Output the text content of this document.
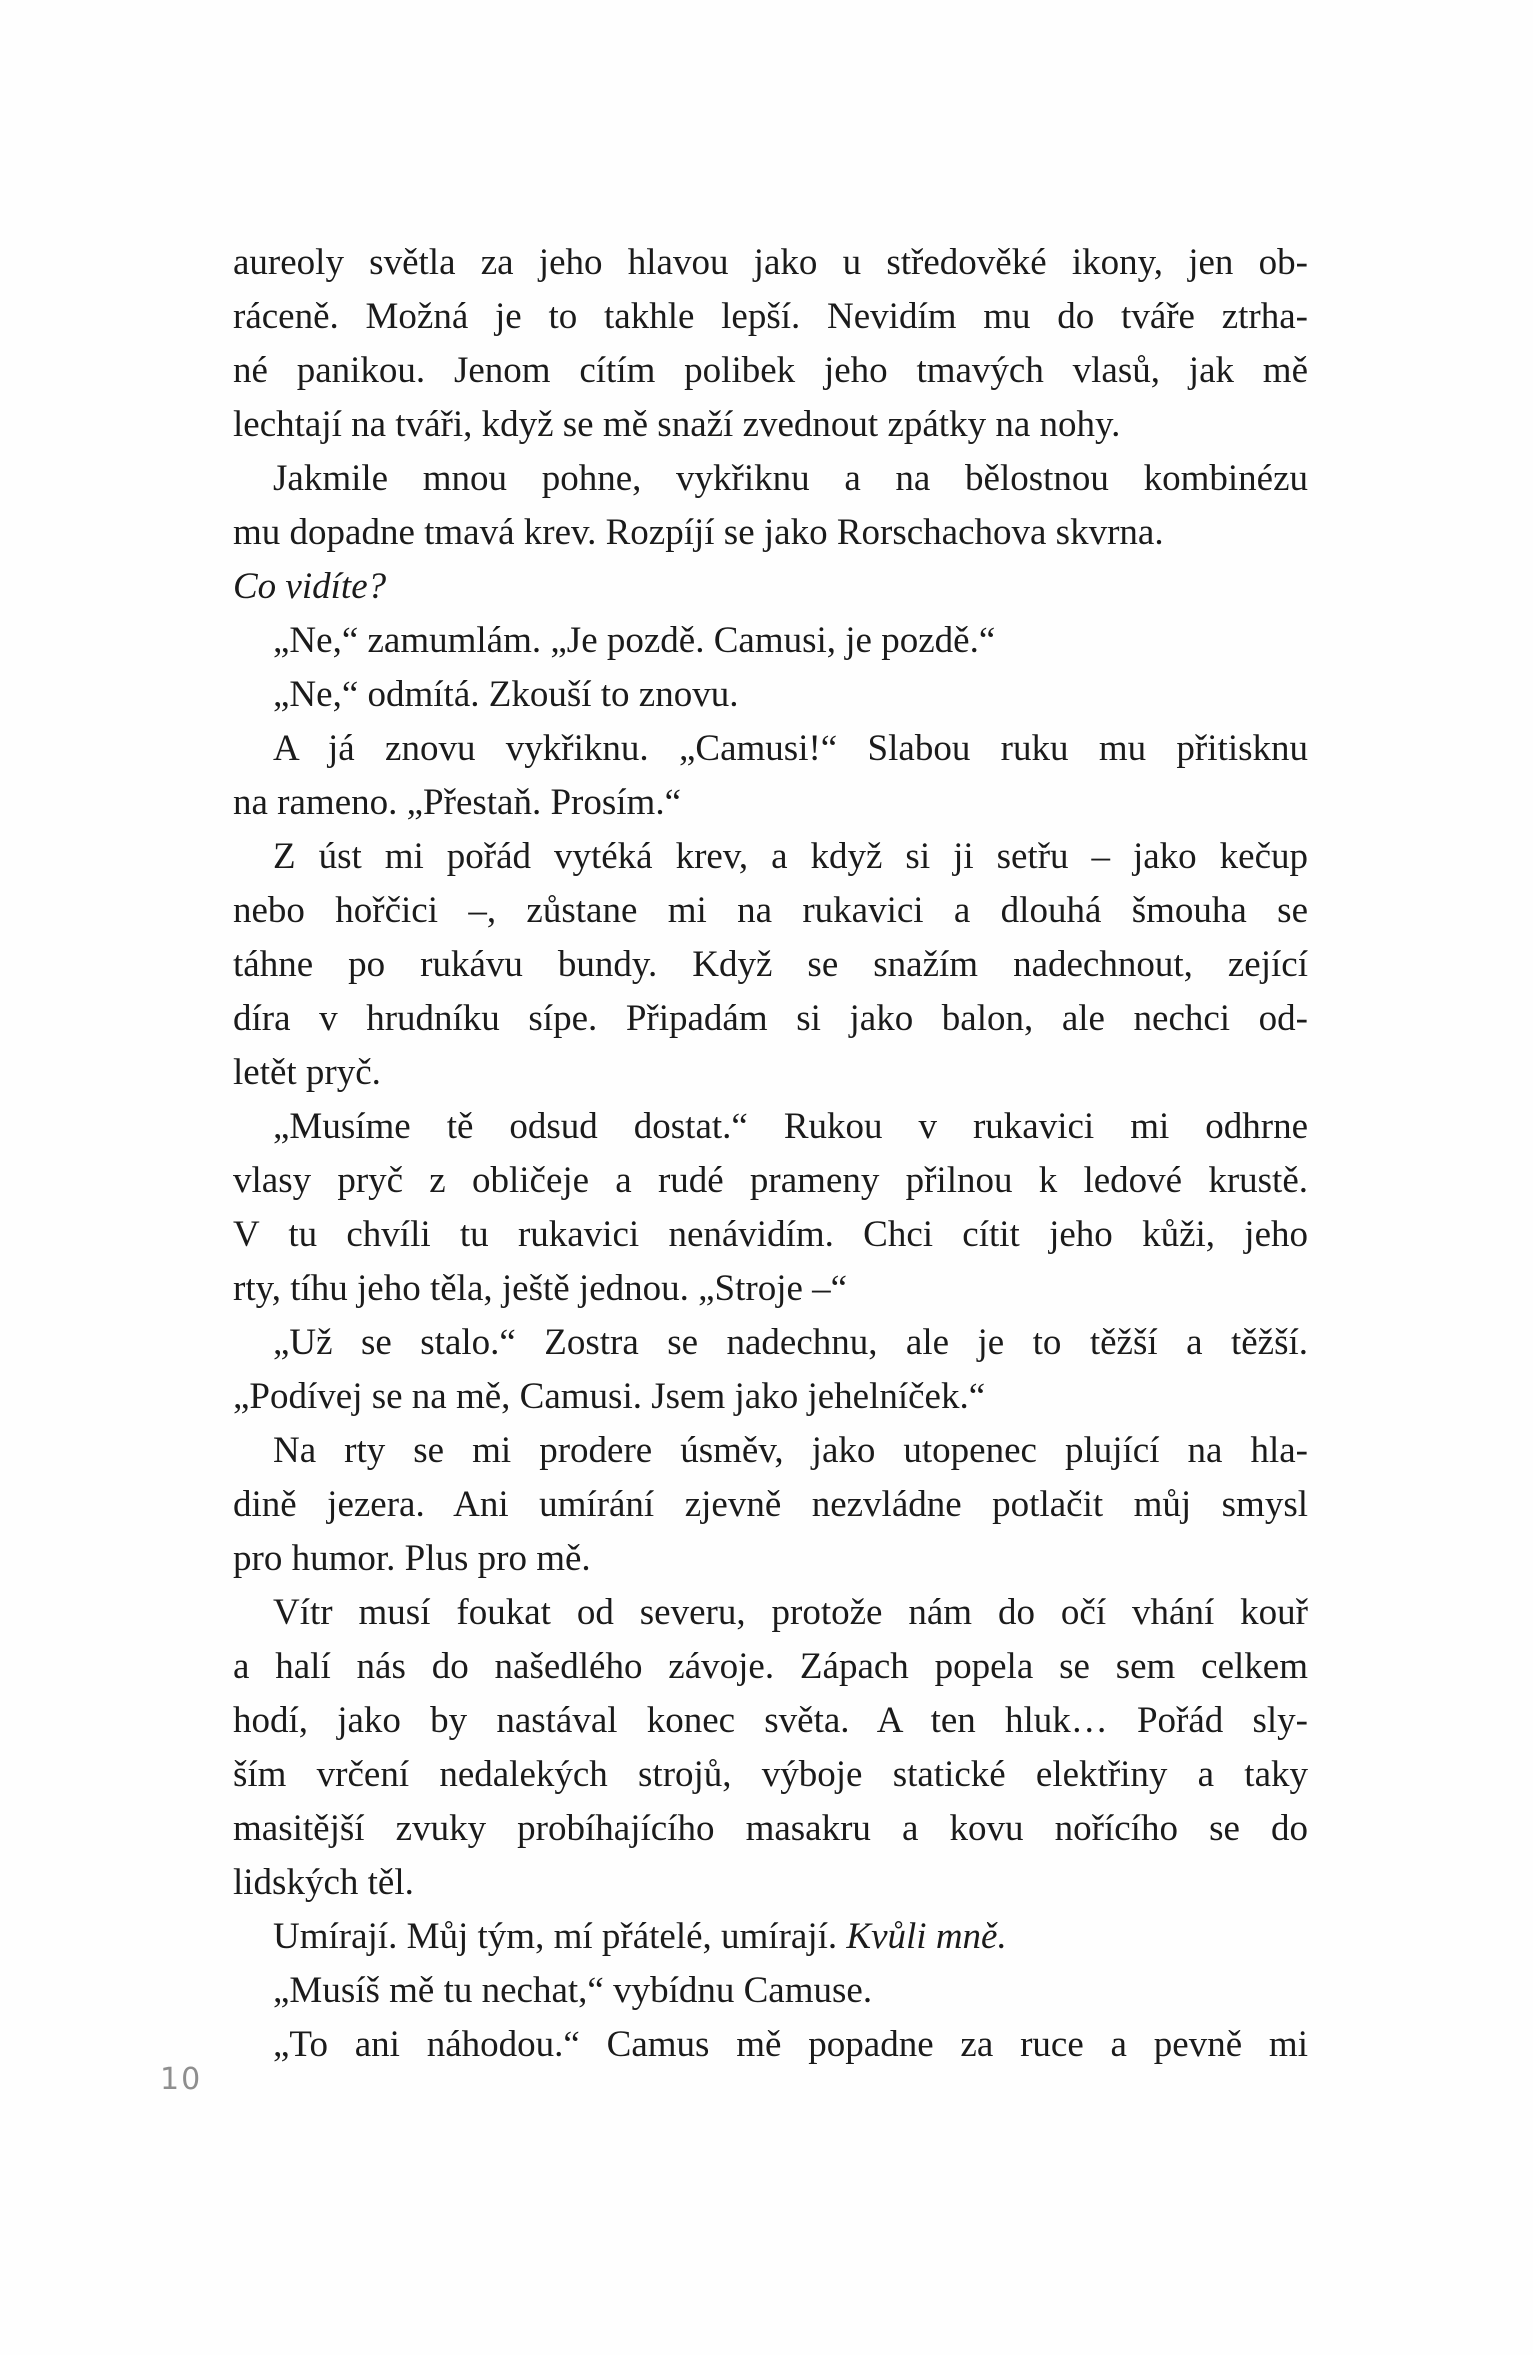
aureoly světla za jeho hlavou jako u středověké ikony, jen ob-
ráceně. Možná je to takhle lepší. Nevidím mu do tváře ztrha-
né panikou. Jenom cítím polibek jeho tmavých vlasů, jak mě
lechtají na tváři, když se mě snaží zvednout zpátky na nohy.

Jakmile mnou pohne, vykřiknu a na bělostnou kombinézu
mu dopadne tmavá krev. Rozpíjí se jako Rorschachova skvrna.

Co vidíte?

„Ne,“ zamumlám. „Je pozdě. Camusi, je pozdě.“

„Ne,“ odmítá. Zkouší to znovu.

A já znovu vykřiknu. „Camusi!“ Slabou ruku mu přitisknu
na rameno. „Přestaň. Prosím.“

Z úst mi pořád vytéká krev, a když si ji setřu – jako kečup
nebo hořčici –, zůstane mi na rukavici a dlouhá šmouha se
táhne po rukávu bundy. Když se snažím nadechnout, zející
díra v hrudníku sípe. Připadám si jako balon, ale nechci od-
letět pryč.

„Musíme tě odsud dostat.“ Rukou v rukavici mi odhrne
vlasy pryč z obličeje a rudé prameny přilnou k ledové krustě.
V tu chvíli tu rukavici nenávidím. Chci cítit jeho kůži, jeho
rty, tíhu jeho těla, ještě jednou. „Stroje –“

„Už se stalo.“ Zostra se nadechnu, ale je to těžší a těžší.
„Podívej se na mě, Camusi. Jsem jako jehelníček.“

Na rty se mi prodere úsměv, jako utopenec plující na hla-
dině jezera. Ani umírání zjevně nezvládne potlačit můj smysl
pro humor. Plus pro mě.

Vítr musí foukat od severu, protože nám do očí vhání kouř
a halí nás do našedlého závoje. Zápach popela se sem celkem
hodí, jako by nastával konec světa. A ten hluk… Pořád sly-
ším vrčení nedalekých strojů, výboje statické elektřiny a taky
masitější zvuky probíhajícího masakru a kovu nořícího se do
lidských těl.

Umírají. Můj tým, mí přátelé, umírají. Kvůli mně.

„Musíš mě tu nechat,“ vybídnu Camuse.

„To ani náhodou.“ Camus mě popadne za ruce a pevně mi

10
